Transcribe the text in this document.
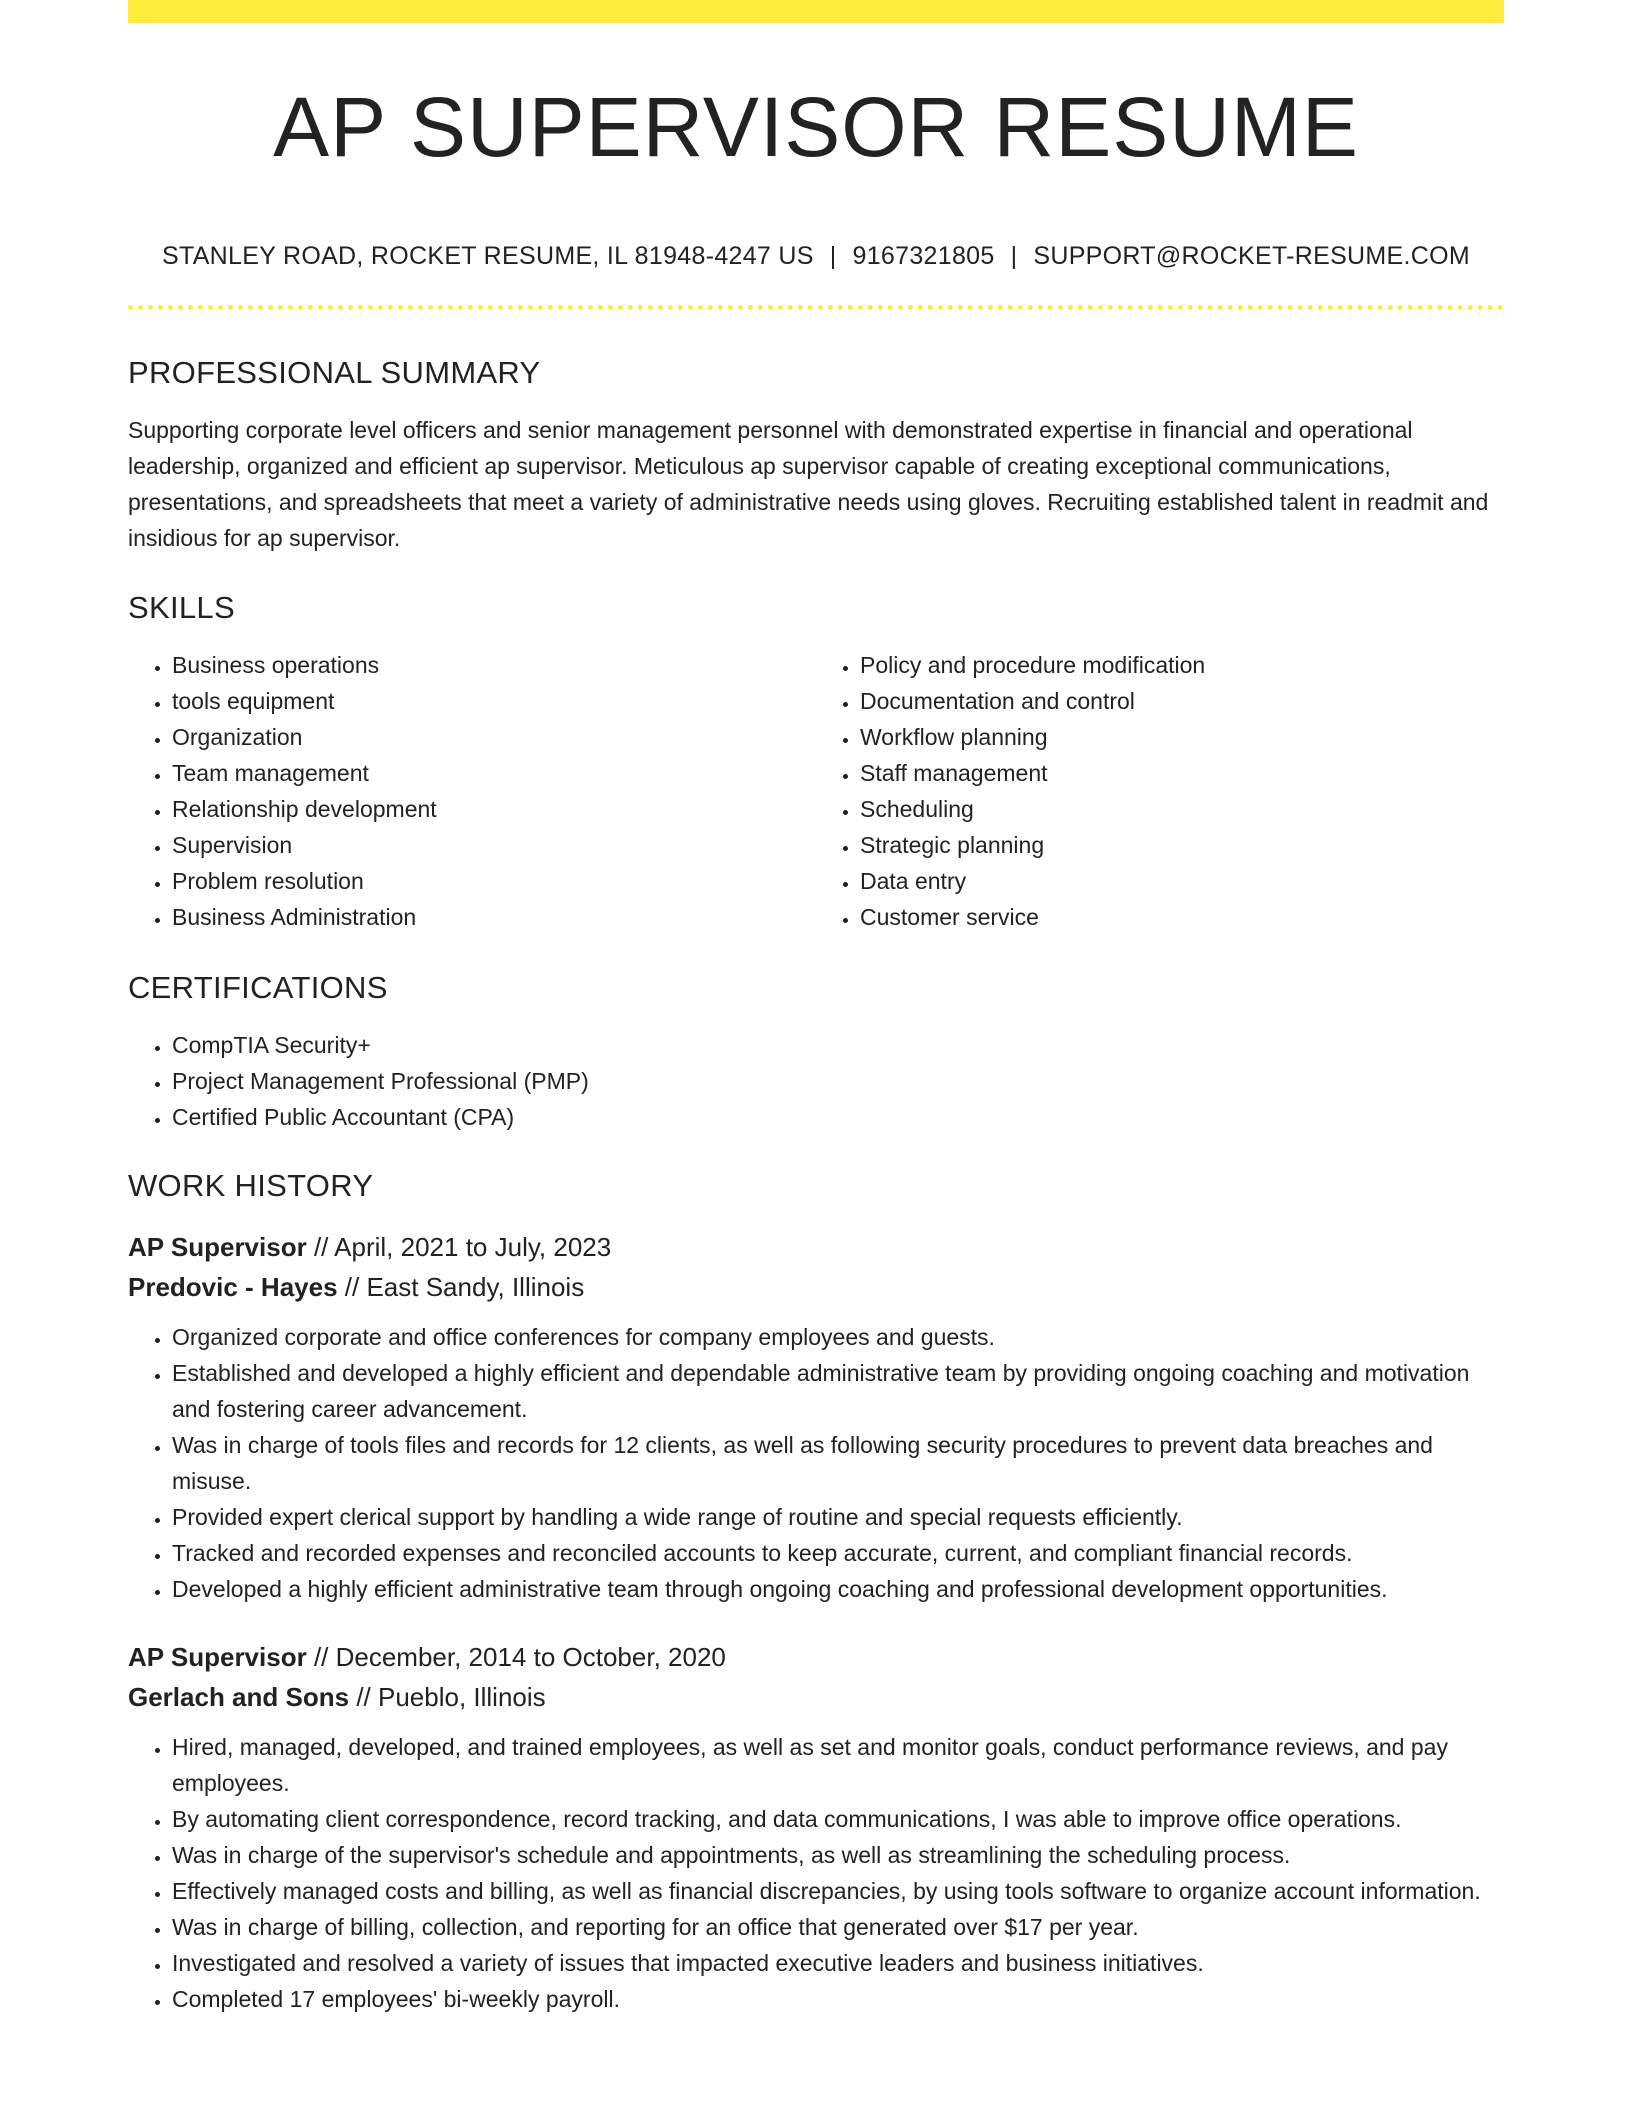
AP SUPERVISOR RESUME
STANLEY ROAD, ROCKET RESUME, IL 81948-4247 US | 9167321805 | SUPPORT@ROCKET-RESUME.COM
PROFESSIONAL SUMMARY

Supporting corporate level officers and senior management personnel with demonstrated expertise in financial and operational leadership, organized and efficient ap supervisor. Meticulous ap supervisor capable of creating exceptional communications, presentations, and spreadsheets that meet a variety of administrative needs using gloves. Recruiting established talent in readmit and insidious for ap supervisor.

SKILLS
• Business operations
• tools equipment
• Organization
• Team management
• Relationship development
• Supervision
• Problem resolution
• Business Administration
• Policy and procedure modification
• Documentation and control
• Workflow planning
• Staff management
• Scheduling
• Strategic planning
• Data entry
• Customer service
CERTIFICATIONS
• CompTIA Security+
• Project Management Professional (PMP)
• Certified Public Accountant (CPA)
WORK HISTORY
AP Supervisor // April, 2021 to July, 2023
Predovic - Hayes // East Sandy, Illinois
• Organized corporate and office conferences for company employees and guests.
• Established and developed a highly efficient and dependable administrative team by providing ongoing coaching and motivation and fostering career advancement.
• Was in charge of tools files and records for 12 clients, as well as following security procedures to prevent data breaches and misuse.
• Provided expert clerical support by handling a wide range of routine and special requests efficiently.
• Tracked and recorded expenses and reconciled accounts to keep accurate, current, and compliant financial records.
• Developed a highly efficient administrative team through ongoing coaching and professional development opportunities.
AP Supervisor // December, 2014 to October, 2020
Gerlach and Sons // Pueblo, Illinois
• Hired, managed, developed, and trained employees, as well as set and monitor goals, conduct performance reviews, and pay employees.
• By automating client correspondence, record tracking, and data communications, I was able to improve office operations.
• Was in charge of the supervisor's schedule and appointments, as well as streamlining the scheduling process.
• Effectively managed costs and billing, as well as financial discrepancies, by using tools software to organize account information.
• Was in charge of billing, collection, and reporting for an office that generated over $17 per year.
• Investigated and resolved a variety of issues that impacted executive leaders and business initiatives.
• Completed 17 employees' bi-weekly payroll.
